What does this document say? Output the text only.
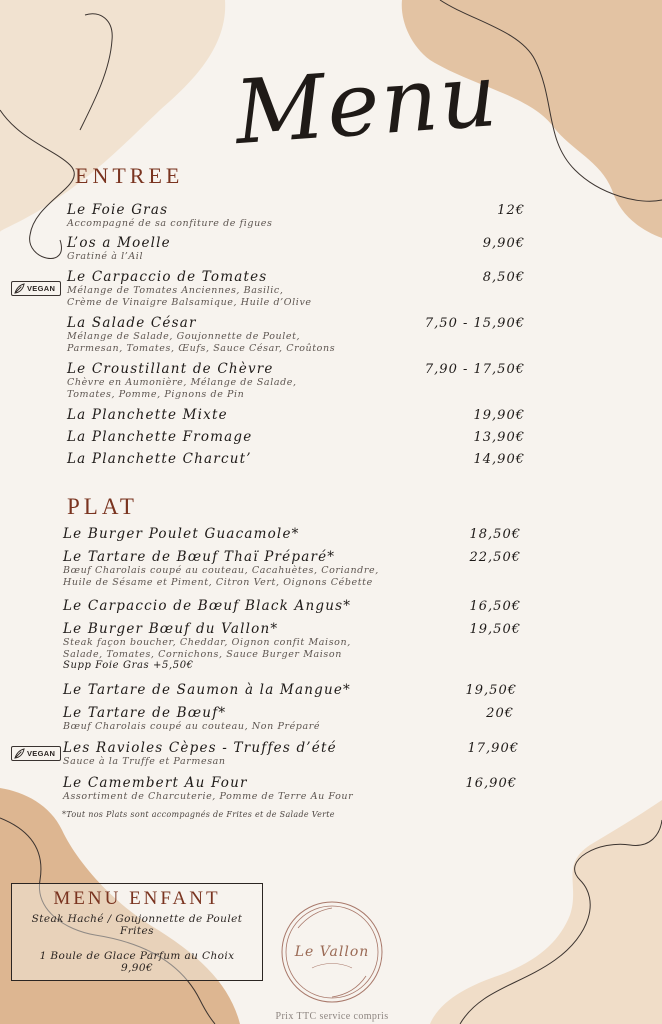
Menu
ENTREE
Le Foie Gras	12€
Accompagné de sa confiture de figues
L’os a Moelle	9,90€
Gratiné à l’Ail
VEGAN
Le Carpaccio de Tomates	8,50€
Mélange de Tomates Anciennes, Basilic,
Crème de Vinaigre Balsamique, Huile d’Olive
La Salade César	7,50 - 15,90€
Mélange de Salade, Goujonnette de Poulet,
Parmesan, Tomates, Œufs, Sauce César, Croûtons
Le Croustillant de Chèvre	7,90 - 17,50€
Chèvre en Aumonière, Mélange de Salade,
Tomates, Pomme, Pignons de Pin
La Planchette Mixte	19,90€
La Planchette Fromage	13,90€
La Planchette Charcut’	14,90€
PLAT
Le Burger Poulet Guacamole*	18,50€
Le Tartare de Bœuf Thaï Préparé*	22,50€
Bœuf Charolais coupé au couteau, Cacahuètes, Coriandre,
Huile de Sésame et Piment, Citron Vert, Oignons Cébette
Le Carpaccio de Bœuf Black Angus*	16,50€
Le Burger Bœuf du Vallon*	19,50€
Steak façon boucher, Cheddar, Oignon confit Maison,
Salade, Tomates, Cornichons, Sauce Burger Maison
Supp Foie Gras +5,50€
Le Tartare de Saumon à la Mangue*	19,50€
Le Tartare de Bœuf*	20€
Bœuf Charolais coupé au couteau, Non Préparé
VEGAN Les Ravioles Cèpes - Truffes d’été	17,90€
Sauce à la Truffe et Parmesan
Le Camembert Au Four	16,90€
Assortiment de Charcuterie, Pomme de Terre Au Four
*Tout nos Plats sont accompagnés de Frites et de Salade Verte
MENU ENFANT
Steak Haché / Goujonnette de Poulet
Frites
1 Boule de Glace Parfum au Choix
9,90€
Le Vallon
Prix TTC service compris
